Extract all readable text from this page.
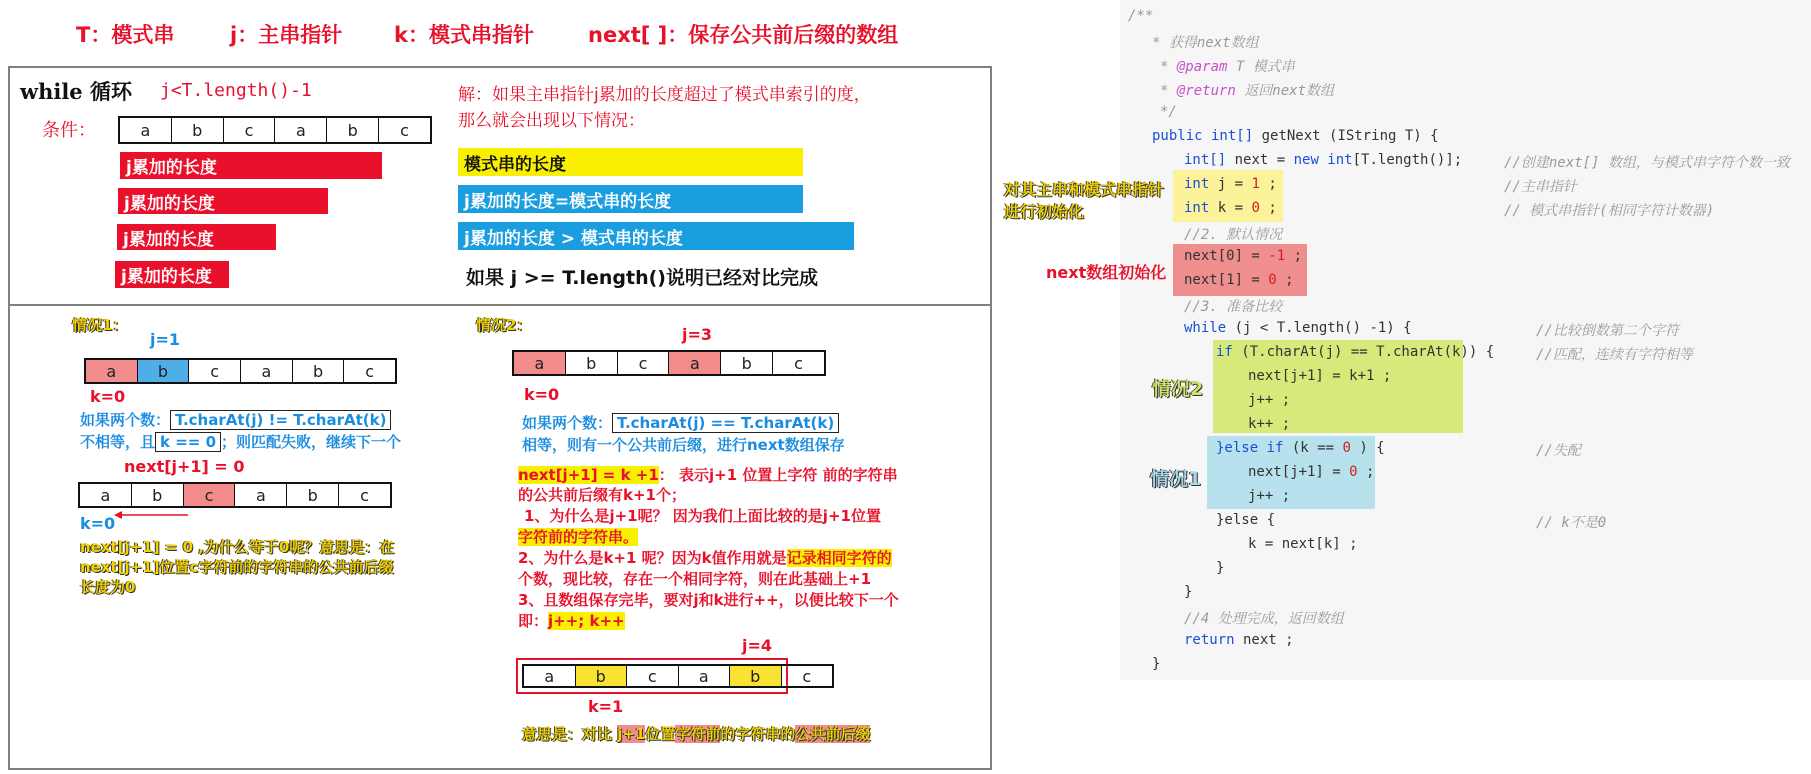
T：模式串	j：主串指针 k：模式串指针	next[ ]：保存公共前后缀的数组
while 循环 j<T.length()-1
条件：	a	b	c	a	b	c
j累加的长度
j累加的长度
j累加的长度
j累加的长度
解：如果主串指针j累加的长度超过了模式串索引的度，
那么就会出现以下情况：
模式串的长度
j累加的长度=模式串的长度
j累加的长度 > 模式串的长度
如果 j >= T.length()说明已经对比完成
情况1：
j=1
a	b	c	a	b	c
k=0
如果两个数： T.charAt(j) != T.charAt(k)
不相等，且 k == 0 ；则匹配失败，继续下一个
next[j+1] = 0
a	b	c	a	b	c
k=0
next[j+1] = 0 ,为什么等于0呢？意思是：在
next[j+1]位置c字符前的字符串的公共前后缀
长度为0
情况2：	j=3
a	b	c	a	b	c
k=0
如果两个数： T.charAt(j) == T.charAt(k)
相等，则有一个公共前后缀，进行next数组保存
next[j+1] = k +1： 表示j+1 位置上字符 前的字符串
的公共前后缀有k+1个；
1、为什么是j+1呢？ 因为我们上面比较的是j+1位置
字符前的字符串。
2、为什么是k+1 呢？因为k值作用就是记录相同字符的
个数，现比较，存在一个相同字符，则在此基础上+1
3、且数组保存完毕，要对j和k进行++，以便比较下一个
即：j++; k++
j=4
a	b	c	a	b	c
k=1
意思是：对比 j+1位置字符前的字符串的公共前后缀
/**
* 获得next数组
* @param T 模式串
* @return 返回next数组
*/
public int[] getNext (IString T) {
int[] next = new int[T.length()];	//创建next[] 数组，与模式串字符个数一致
int j = 1 ;	//主串指针
int k = 0 ;	// 模式串指针(相同字符计数器)
//2. 默认情况
next[0] = -1 ;
next[1] = 0 ;
//3. 准备比较
while (j < T.length() -1) {	//比较倒数第二个字符
if (T.charAt(j) == T.charAt(k)) {	//匹配，连续有字符相等
next[j+1] = k+1 ;
j++ ;
k++ ;
}else if (k == 0 ) {	//失配
next[j+1] = 0 ;
j++ ;
}else {	// k不是0
k = next[k] ;
}
}
//4 处理完成，返回数组
return next ;
}
对其主串和模式串指针
进行初始化
next数组初始化
情况2
情况1
